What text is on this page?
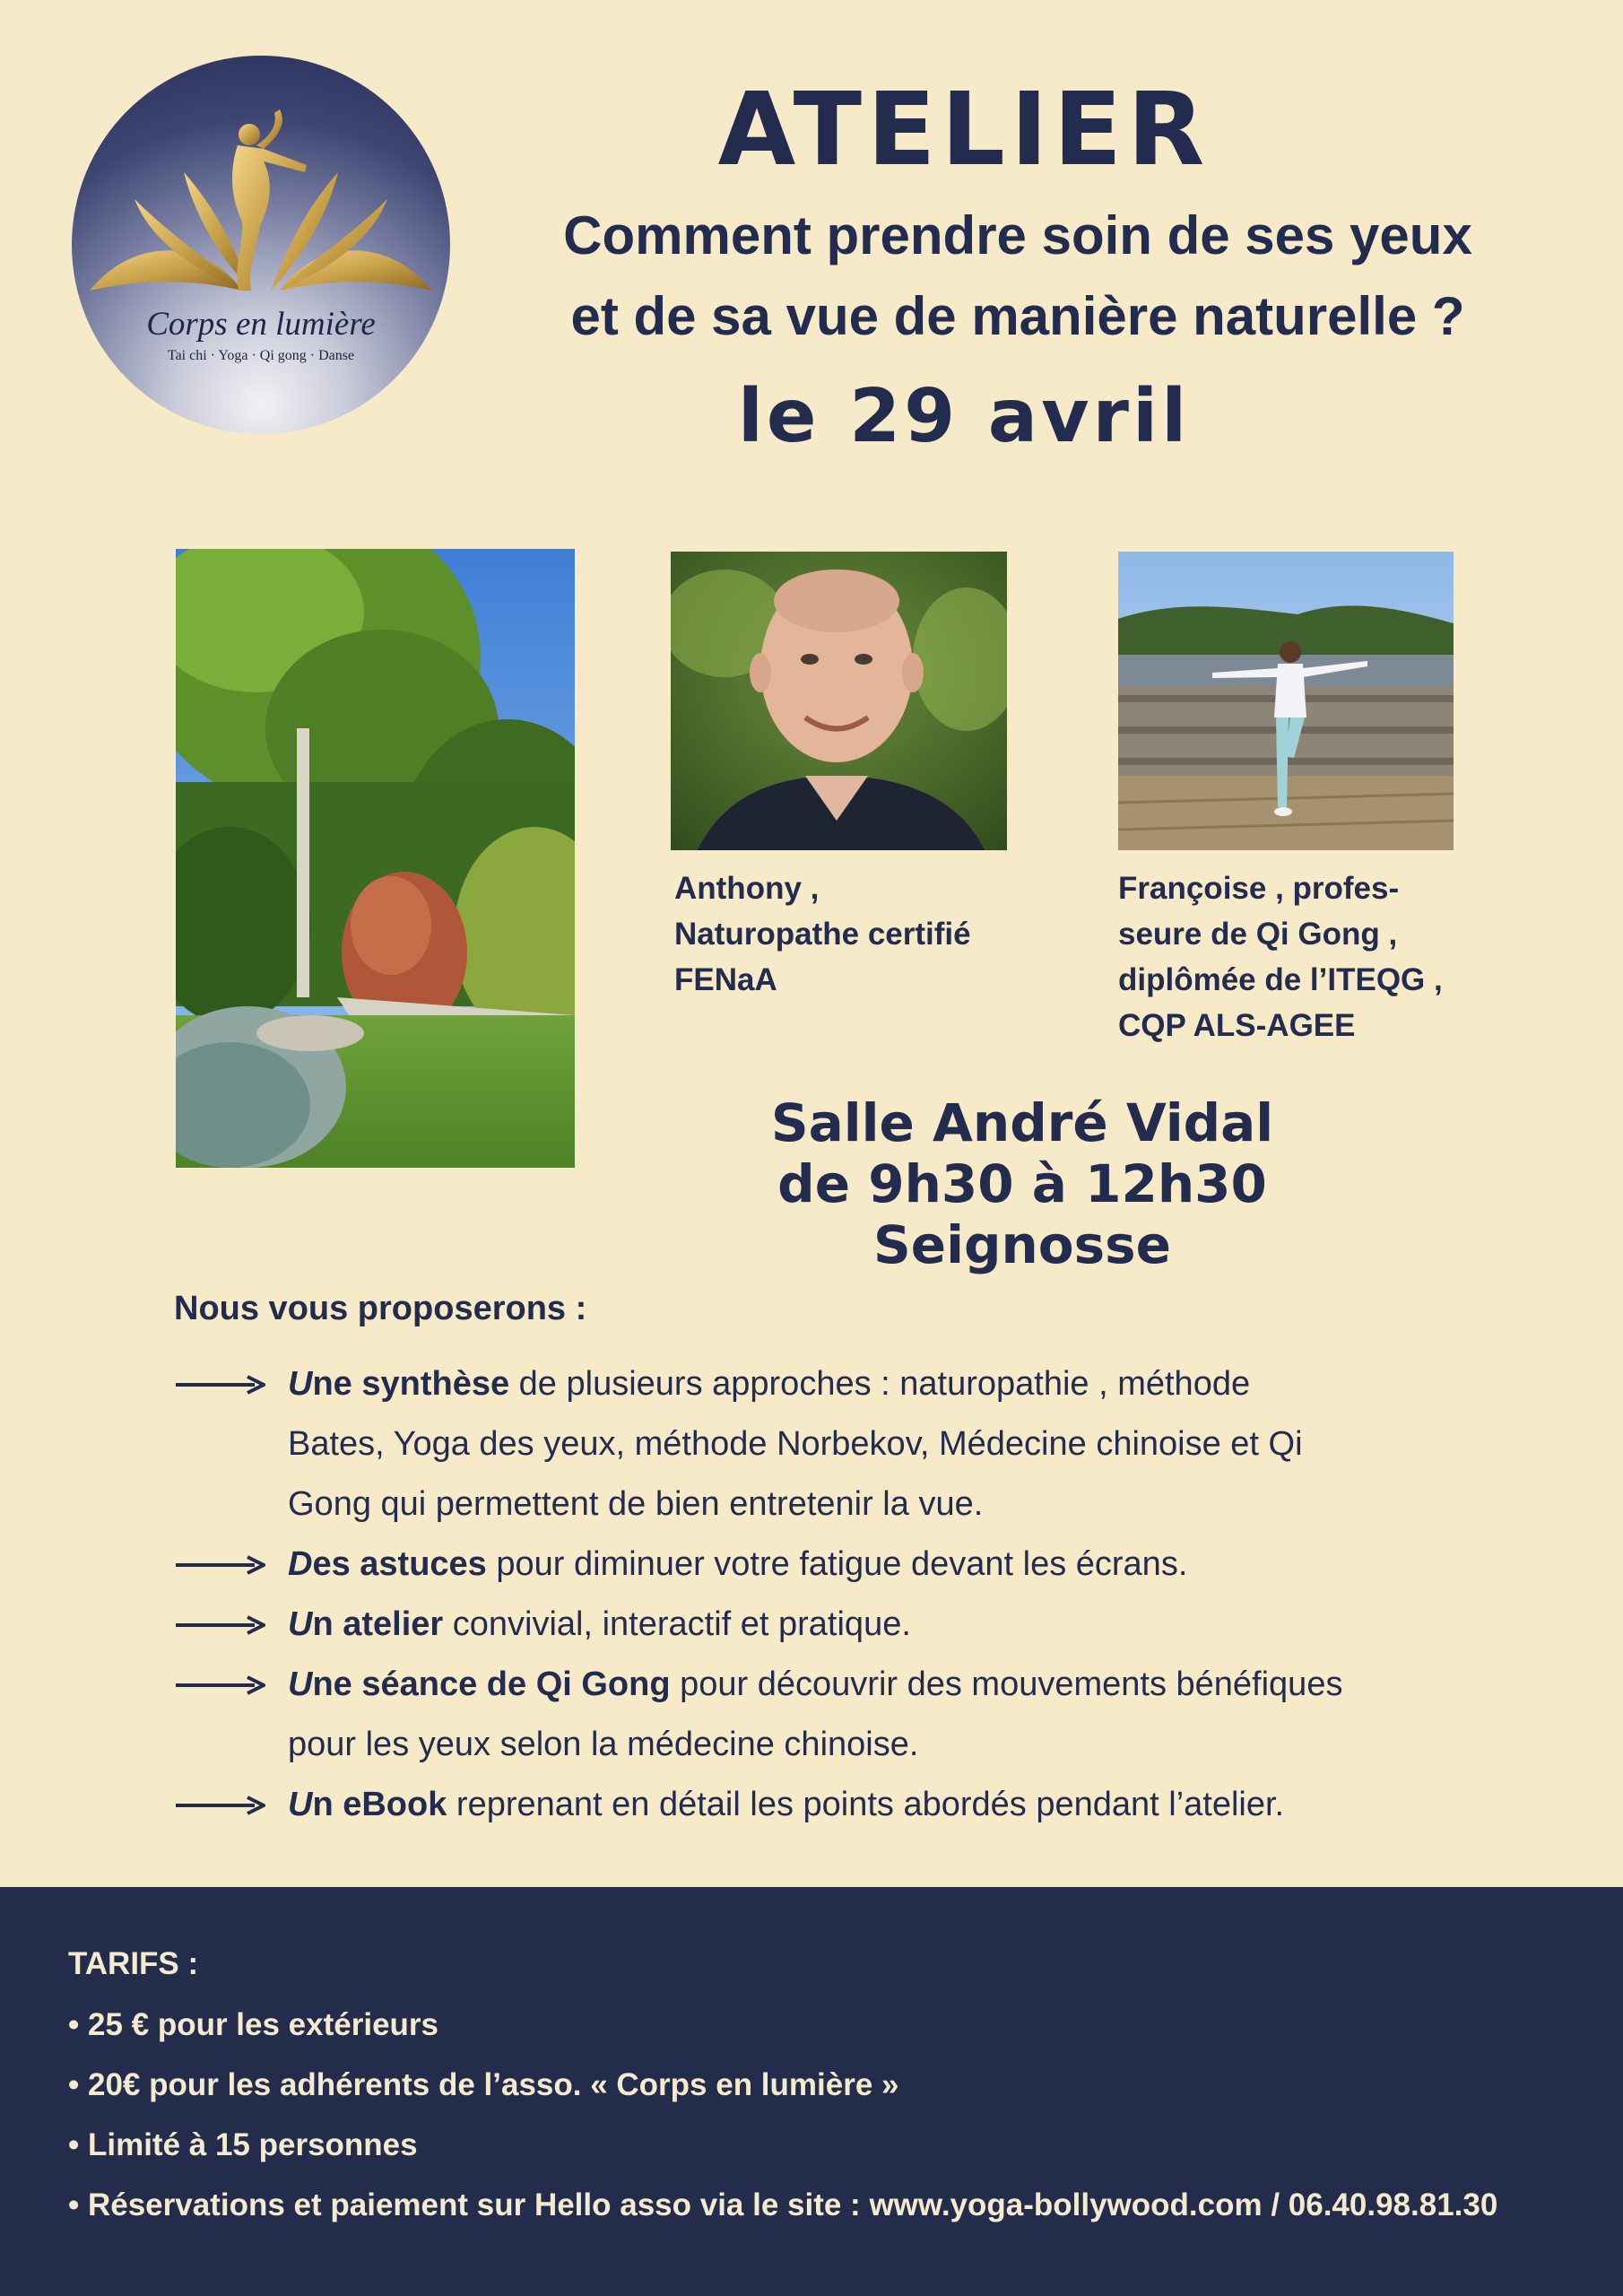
Corps en lumière
Tai chi · Yoga · Qi gong · Danse
ATELIER
Comment prendre soin de ses yeux
et de sa vue de manière naturelle ?
le 29 avril
Anthony ,
Naturopathe certifié
FENaA
Françoise , profes-
seure de Qi Gong ,
diplômée de l’ITEQG ,
CQP ALS-AGEE
Salle André Vidal
de 9h30 à 12h30
Seignosse
Nous vous proposerons :
Une synthèse de plusieurs approches : naturopathie , méthode
Bates, Yoga des yeux, méthode Norbekov, Médecine chinoise et Qi
Gong qui permettent de bien entretenir la vue.
Des astuces pour diminuer votre fatigue devant les écrans.
Un atelier convivial, interactif et pratique.
Une séance de Qi Gong pour découvrir des mouvements bénéfiques
pour les yeux selon la médecine chinoise.
Un eBook reprenant en détail les points abordés pendant l’atelier.
TARIFS :
• 25 € pour les extérieurs
• 20€ pour les adhérents de l’asso. « Corps en lumière »
• Limité à 15 personnes
• Réservations et paiement sur Hello asso via le site : www.yoga-bollywood.com / 06.40.98.81.30
